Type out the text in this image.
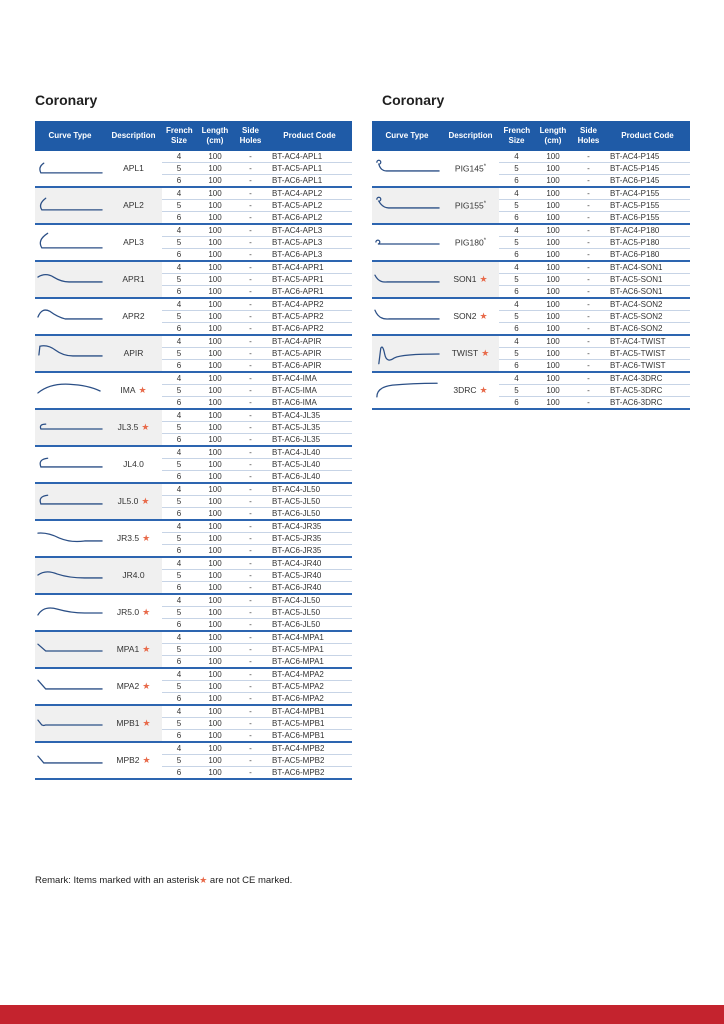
Coronary	Coronary
Curve Type	Description	French Size	Length (cm)	Side Holes	Product Code

	APL1	4	100	-	BT-AC4-APL1
		5	100	-	BT-AC5-APL1
		6	100	-	BT-AC6-APL1

	APL2	4	100	-	BT-AC4-APL2
		5	100	-	BT-AC5-APL2
		6	100	-	BT-AC6-APL2

	APL3	4	100	-	BT-AC4-APL3
		5	100	-	BT-AC5-APL3
		6	100	-	BT-AC6-APL3

	APR1	4	100	-	BT-AC4-APR1
		5	100	-	BT-AC5-APR1
		6	100	-	BT-AC6-APR1

	APR2	4	100	-	BT-AC4-APR2
		5	100	-	BT-AC5-APR2
		6	100	-	BT-AC6-APR2

	APIR	4	100	-	BT-AC4-APIR
		5	100	-	BT-AC5-APIR
		6	100	-	BT-AC6-APIR

	IMA ★	4	100	-	BT-AC4-IMA
		5	100	-	BT-AC5-IMA
		6	100	-	BT-AC6-IMA

	JL3.5 ★	4	100	-	BT-AC4-JL35
		5	100	-	BT-AC5-JL35
		6	100	-	BT-AC6-JL35

	JL4.0	4	100	-	BT-AC4-JL40
		5	100	-	BT-AC5-JL40
		6	100	-	BT-AC6-JL40

	JL5.0 ★	4	100	-	BT-AC4-JL50
		5	100	-	BT-AC5-JL50
		6	100	-	BT-AC6-JL50

	JR3.5 ★	4	100	-	BT-AC4-JR35
		5	100	-	BT-AC5-JR35
		6	100	-	BT-AC6-JR35

	JR4.0	4	100	-	BT-AC4-JR40
		5	100	-	BT-AC5-JR40
		6	100	-	BT-AC6-JR40

	JR5.0 ★	4	100	-	BT-AC4-JL50
		5	100	-	BT-AC5-JL50
		6	100	-	BT-AC6-JL50

	MPA1 ★	4	100	-	BT-AC4-MPA1
		5	100	-	BT-AC5-MPA1
		6	100	-	BT-AC6-MPA1

	MPA2 ★	4	100	-	BT-AC4-MPA2
		5	100	-	BT-AC5-MPA2
		6	100	-	BT-AC6-MPA2

	MPB1 ★	4	100	-	BT-AC4-MPB1
		5	100	-	BT-AC5-MPB1
		6	100	-	BT-AC6-MPB1

	MPB2 ★	4	100	-	BT-AC4-MPB2
		5	100	-	BT-AC5-MPB2
		6	100	-	BT-AC6-MPB2
Curve Type	Description	French Size	Length (cm)	Side Holes	Product Code

	PIG145*	4	100	-	BT-AC4-P145
		5	100	-	BT-AC5-P145
		6	100	-	BT-AC6-P145

	PIG155*	4	100	-	BT-AC4-P155
		5	100	-	BT-AC5-P155
		6	100	-	BT-AC6-P155

	PIG180*	4	100	-	BT-AC4-P180
		5	100	-	BT-AC5-P180
		6	100	-	BT-AC6-P180

	SON1 ★	4	100	-	BT-AC4-SON1
		5	100	-	BT-AC5-SON1
		6	100	-	BT-AC6-SON1

	SON2 ★	4	100	-	BT-AC4-SON2
		5	100	-	BT-AC5-SON2
		6	100	-	BT-AC6-SON2

	TWIST ★	4	100	-	BT-AC4-TWIST
		5	100	-	BT-AC5-TWIST
		6	100	-	BT-AC6-TWIST

	3DRC ★	4	100	-	BT-AC4-3DRC
		5	100	-	BT-AC5-3DRC
		6	100	-	BT-AC6-3DRC
Remark: Items marked with an asterisk★ are not CE marked.
